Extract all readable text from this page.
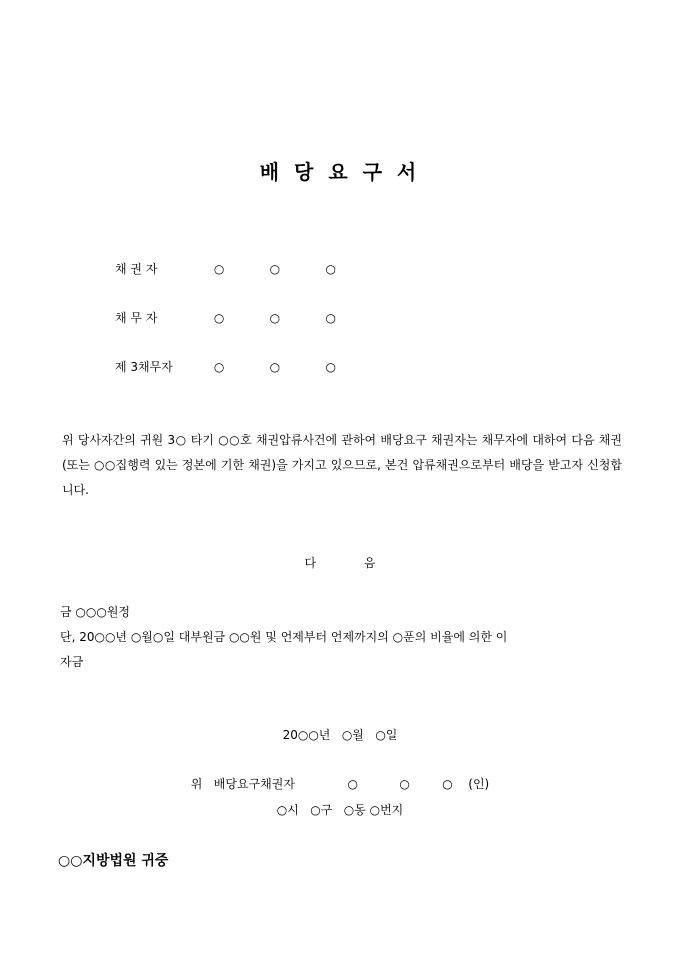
배 당 요 구 서
채 권 자	○	○	○
채 무 자	○	○	○
제 3채무자	○	○	○
위 당사자간의 귀원 3○ 타기 ○○호 채권압류사건에 관하여 배당요구 채권자는 채무자에 대하여 다음 채권(또는 ○○집행력 있는 정본에 기한 채권)을 가지고 있으므로, 본건 압류채권으로부터 배당을 받고자 신청합니다.
다	음
금 ○○○원정
단, 20○○년 ○월○일 대부원금 ○○원 및 언제부터 언제까지의 ○푼의 비율에 의한 이
자금
20○○년   ○월   ○일
위   배당요구채권자	○	○	○ (인)
○시   ○구   ○동 ○번지
○○지방법원 귀중
